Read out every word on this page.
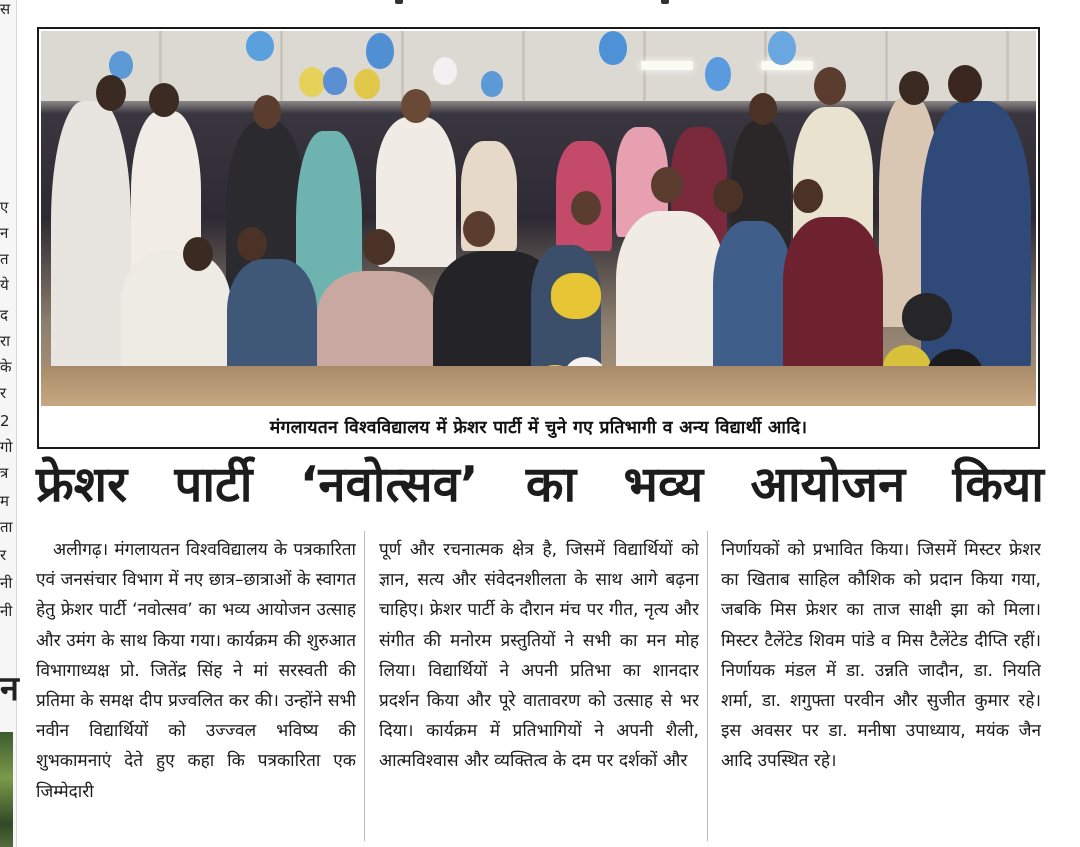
स
ए
न
त
ये
द
रा
के
र
2
गो
त्र
म
ता
र
नी
नी
न
मंगलायतन विश्वविद्यालय में फ्रेशर पार्टी में चुने गए प्रतिभागी व अन्य विद्यार्थी आदि।
फ्रेशर पार्टी ‘नवोत्सव’ का भव्य आयोजन किया
अलीगढ़। मंगलायतन विश्वविद्यालय के पत्रकारिता एवं जनसंचार विभाग में नए छात्र–छात्राओं के स्वागत हेतु फ्रेशर पार्टी ‘नवोत्सव’ का भव्य आयोजन उत्साह और उमंग के साथ किया गया। कार्यक्रम की शुरुआत विभागाध्यक्ष प्रो. जितेंद्र सिंह ने मां सरस्वती की प्रतिमा के समक्ष दीप प्रज्वलित कर की। उन्होंने सभी नवीन विद्यार्थियों को उज्ज्वल भविष्य की शुभकामनाएं देते हुए कहा कि पत्रकारिता एक जिम्मेदारी
पूर्ण और रचनात्मक क्षेत्र है, जिसमें विद्यार्थियों को ज्ञान, सत्य और संवेदनशीलता के साथ आगे बढ़ना चाहिए। फ्रेशर पार्टी के दौरान मंच पर गीत, नृत्य और संगीत की मनोरम प्रस्तुतियों ने सभी का मन मोह लिया। विद्यार्थियों ने अपनी प्रतिभा का शानदार प्रदर्शन किया और पूरे वातावरण को उत्साह से भर दिया। कार्यक्रम में प्रतिभागियों ने अपनी शैली, आत्मविश्वास और व्यक्तित्व के दम पर दर्शकों और
निर्णायकों को प्रभावित किया। जिसमें मिस्टर फ्रेशर का खिताब साहिल कौशिक को प्रदान किया गया, जबकि मिस फ्रेशर का ताज साक्षी झा को मिला। मिस्टर टैलेंटेड शिवम पांडे व मिस टैलेंटेड दीप्ति रहीं। निर्णायक मंडल में डा. उन्नति जादौन, डा. नियति शर्मा, डा. शगुफ्ता परवीन और सुजीत कुमार रहे। इस अवसर पर डा. मनीषा उपाध्याय, मयंक जैन आदि उपस्थित रहे।
